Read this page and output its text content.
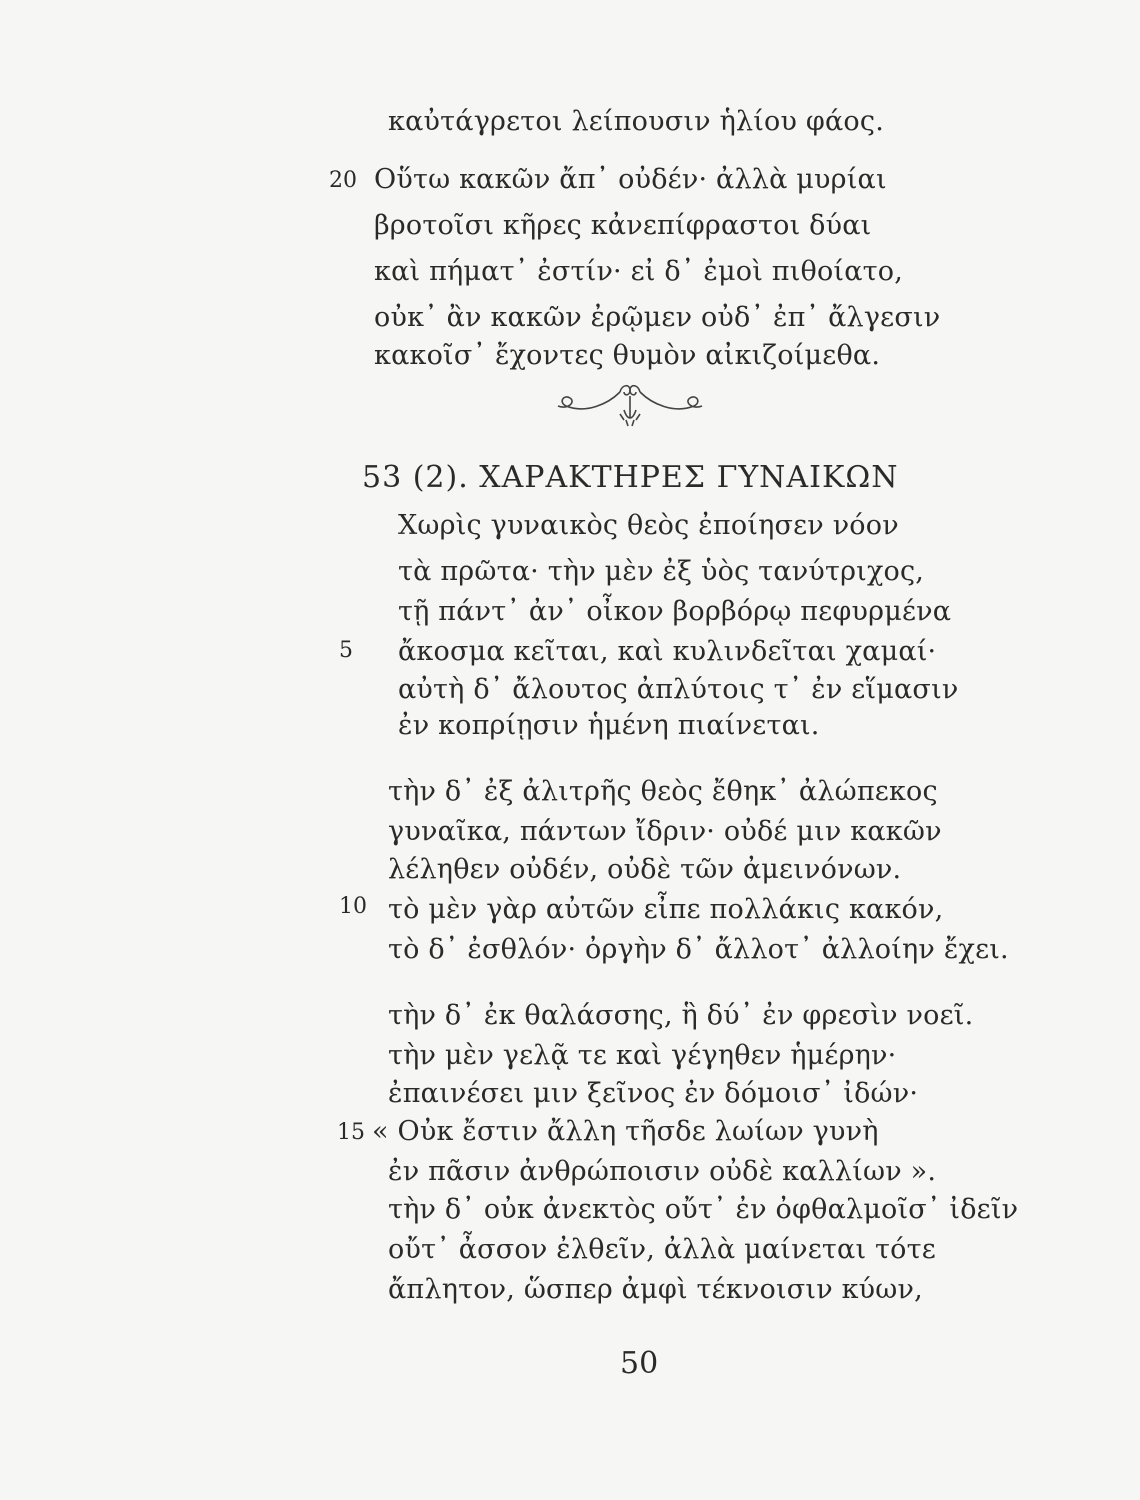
καὐτάγρετοι λείπουσιν ἡλίου φάος.
20 Οὕτω κακῶν ἄπ᾽ οὐδέν· ἀλλὰ μυρίαι
βροτοῖσι κῆρες κἀνεπίφραστοι δύαι
καὶ πήματ᾽ ἐστίν· εἰ δ᾽ ἐμοὶ πιθοίατο,
οὐκ᾽ ἂν κακῶν ἐρῷμεν οὐδ᾽ ἐπ᾽ ἄλγεσιν
κακοῖσ᾽ ἔχοντες θυμὸν αἰκιζοίμεθα.
53 (2). ΧΑΡΑΚΤΗΡΕΣ ΓΥΝΑΙΚΩΝ
Χωρὶς γυναικὸς θεὸς ἐποίησεν νόον
τὰ πρῶτα· τὴν μὲν ἐξ ὑὸς τανύτριχος,
τῇ πάντ᾽ ἀν᾽ οἶκον βορβόρῳ πεφυρμένα
5 ἄκοσμα κεῖται, καὶ κυλινδεῖται χαμαί·
αὐτὴ δ᾽ ἄλουτος ἀπλύτοις τ᾽ ἐν εἵμασιν
ἐν κοπρίῃσιν ἡμένη πιαίνεται.
τὴν δ᾽ ἐξ ἀλιτρῆς θεὸς ἔθηκ᾽ ἀλώπεκος
γυναῖκα, πάντων ἴδριν· οὐδέ μιν κακῶν
λέληθεν οὐδέν, οὐδὲ τῶν ἀμεινόνων.
10 τὸ μὲν γὰρ αὐτῶν εἶπε πολλάκις κακόν,
τὸ δ᾽ ἐσθλόν· ὀργὴν δ᾽ ἄλλοτ᾽ ἀλλοίην ἔχει.
τὴν δ᾽ ἐκ θαλάσσης, ἣ δύ᾽ ἐν φρεσὶν νοεῖ.
τὴν μὲν γελᾷ τε καὶ γέγηθεν ἡμέρην·
ἐπαινέσει μιν ξεῖνος ἐν δόμοισ᾽ ἰδών·
15 « Οὐκ ἔστιν ἄλλη τῆσδε λωίων γυνὴ
ἐν πᾶσιν ἀνθρώποισιν οὐδὲ καλλίων ».
τὴν δ᾽ οὐκ ἀνεκτὸς οὔτ᾽ ἐν ὀφθαλμοῖσ᾽ ἰδεῖν
οὔτ᾽ ἆσσον ἐλθεῖν, ἀλλὰ μαίνεται τότε
ἄπλητον, ὥσπερ ἀμφὶ τέκνοισιν κύων,
50
